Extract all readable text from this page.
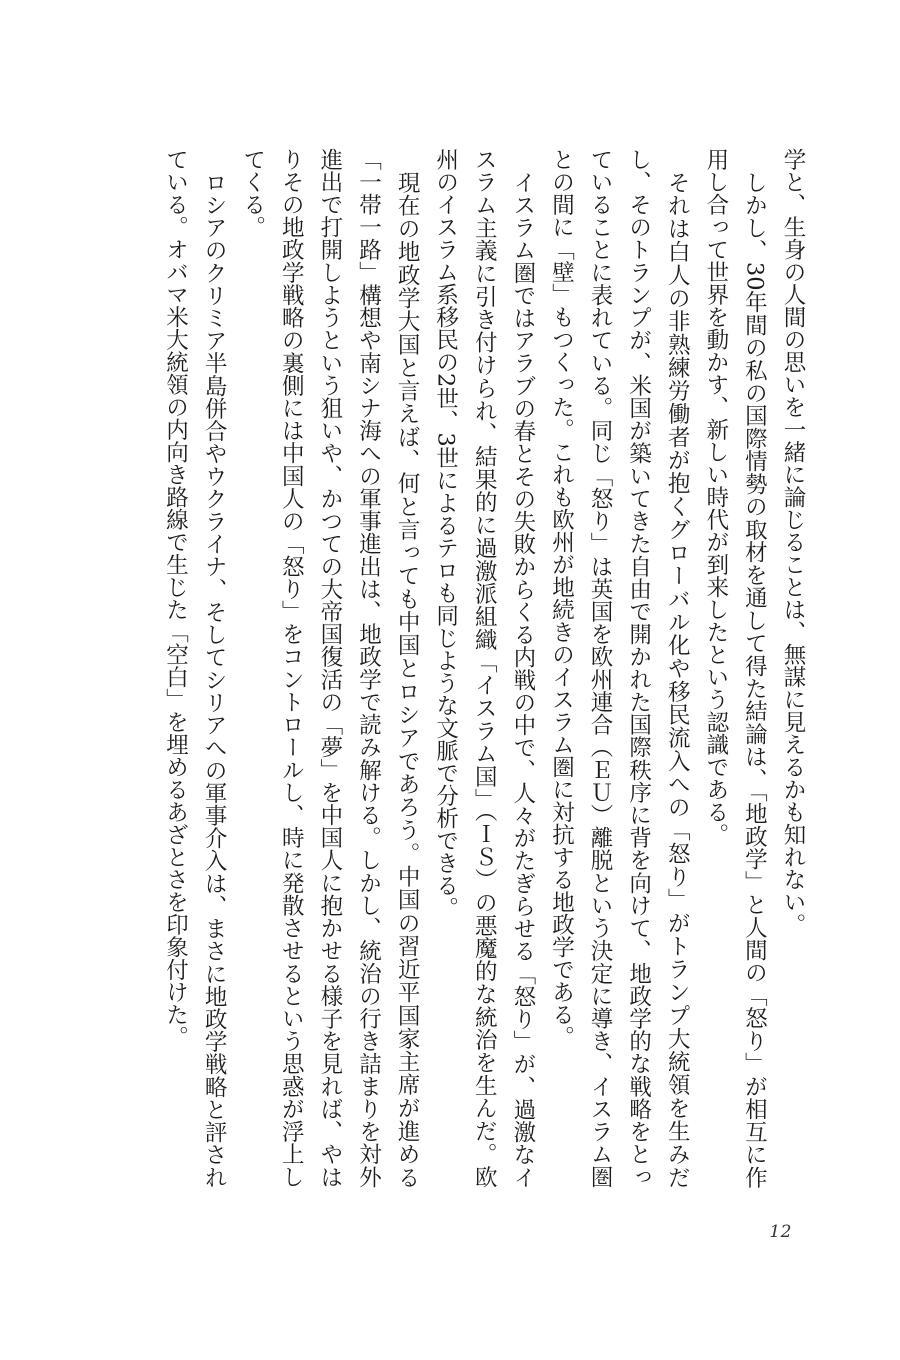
学と、生身の人間の思いを一緒に論じることは、無謀に見えるかも知れない。

しかし、30年間の私の国際情勢の取材を通して得た結論は、「地政学」と人間の「怒り」が相互に作用し合って世界を動かす、新しい時代が到来したという認識である。

それは白人の非熟練労働者が抱くグローバル化や移民流入への「怒り」がトランプ大統領を生みだし、そのトランプが、米国が築いてきた自由で開かれた国際秩序に背を向けて、地政学的な戦略をとっていることに表れている。同じ「怒り」は英国を欧州連合（ＥＵ）離脱という決定に導き、イスラム圏との間に「壁」もつくった。これも欧州が地続きのイスラム圏に対抗する地政学である。

イスラム圏ではアラブの春とその失敗からくる内戦の中で、人々がたぎらせる「怒り」が、過激なイスラム主義に引き付けられ、結果的に過激派組織「イスラム国」（ＩＳ）の悪魔的な統治を生んだ。欧州のイスラム系移民の2世、3世によるテロも同じような文脈で分析できる。

現在の地政学大国と言えば、何と言っても中国とロシアであろう。中国の習近平国家主席が進める「一帯一路」構想や南シナ海への軍事進出は、地政学で読み解ける。しかし、統治の行き詰まりを対外進出で打開しようという狙いや、かつての大帝国復活の「夢」を中国人に抱かせる様子を見れば、やはりその地政学戦略の裏側には中国人の「怒り」をコントロールし、時に発散させるという思惑が浮上してくる。

ロシアのクリミア半島併合やウクライナ、そしてシリアへの軍事介入は、まさに地政学戦略と評されている。オバマ米大統領の内向き路線で生じた「空白」を埋めるあざとさを印象付けた。

12
